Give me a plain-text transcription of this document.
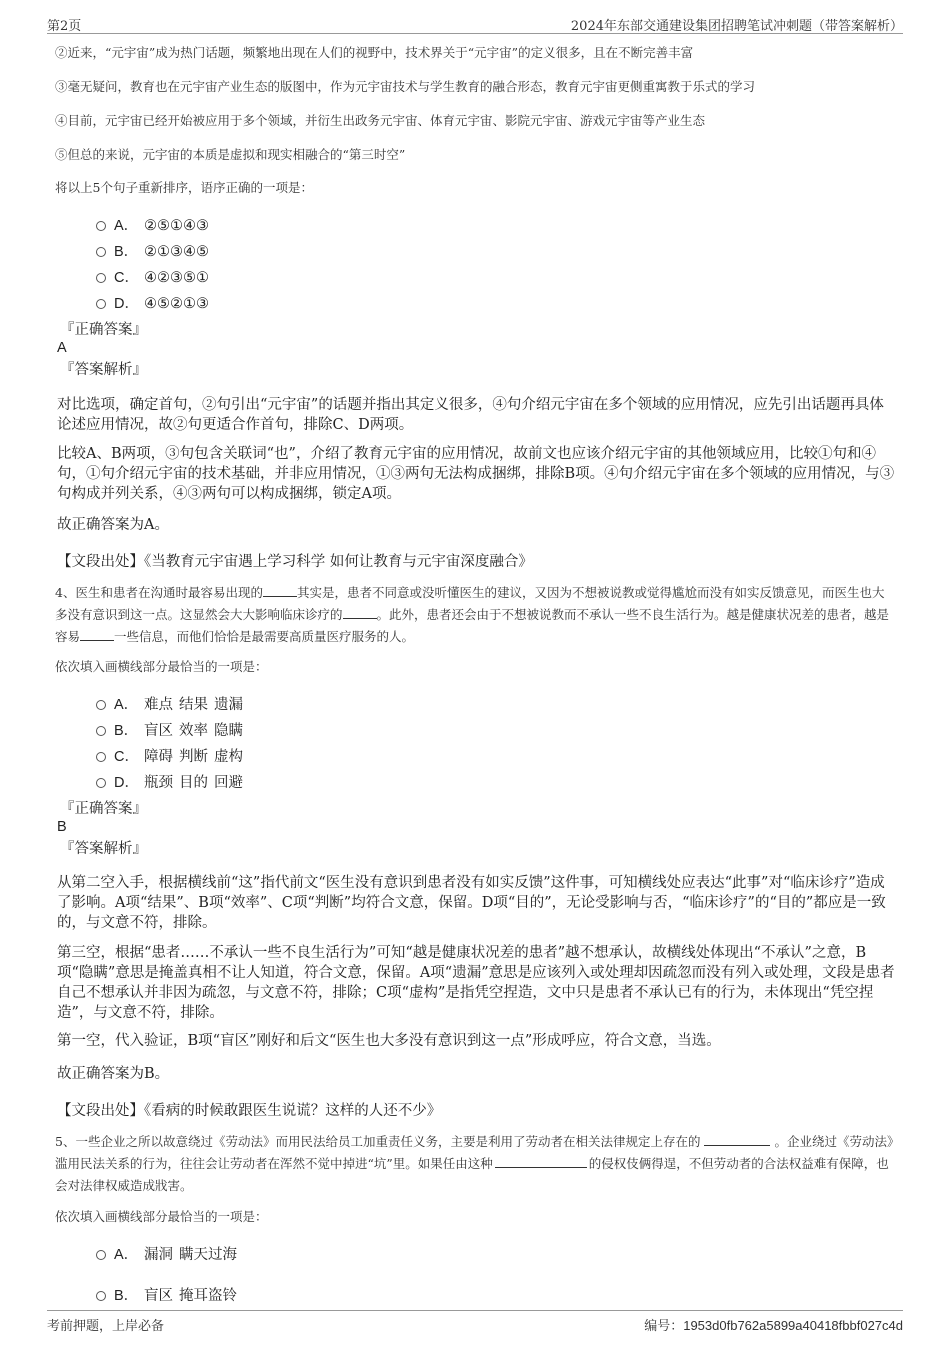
第2页	2024年东部交通建设集团招聘笔试冲刺题（带答案解析）

②近来，“元宇宙”成为热门话题，频繁地出现在人们的视野中，技术界关于“元宇宙”的定义很多，且在不断完善丰富

③毫无疑问，教育也在元宇宙产业生态的版图中，作为元宇宙技术与学生教育的融合形态，教育元宇宙更侧重寓教于乐式的学习

④目前，元宇宙已经开始被应用于多个领域，并衍生出政务元宇宙、体育元宇宙、影院元宇宙、游戏元宇宙等产业生态

⑤但总的来说，元宇宙的本质是虚拟和现实相融合的“第三时空”

将以上5个句子重新排序，语序正确的一项是：

A． ②⑤①④③
B． ②①③④⑤
C． ④②③⑤①
D． ④⑤②①③
『正确答案』
A
『答案解析』

对比选项，确定首句，②句引出“元宇宙”的话题并指出其定义很多，④句介绍元宇宙在多个领域的应用情况，应先引出话题再具体论述应用情况，故②句更适合作首句，排除C、D两项。

比较A、B两项，③句包含关联词“也”，介绍了教育元宇宙的应用情况，故前文也应该介绍元宇宙的其他领域应用，比较①句和④句，①句介绍元宇宙的技术基础，并非应用情况，①③两句无法构成捆绑，排除B项。④句介绍元宇宙在多个领域的应用情况，与③句构成并列关系，④③两句可以构成捆绑，锁定A项。

故正确答案为A。

【文段出处】《当教育元宇宙遇上学习科学 如何让教育与元宇宙深度融合》

4、医生和患者在沟通时最容易出现的	其实是，患者不同意或没听懂医生的建议，又因为不想被说教或觉得尴尬而没有如实反馈意见，而医生也大多没有意识到这一点。这显然会大大影响临床诊疗的	。此外，患者还会由于不想被说教而不承认一些不良生活行为。越是健康状况差的患者，越是容易	一些信息，而他们恰恰是最需要高质量医疗服务的人。

依次填入画横线部分最恰当的一项是：

A． 难点 结果 遗漏
B． 盲区 效率 隐瞒
C． 障碍 判断 虚构
D． 瓶颈 目的 回避
『正确答案』
B
『答案解析』

从第二空入手，根据横线前“这”指代前文“医生没有意识到患者没有如实反馈”这件事，可知横线处应表达“此事”对“临床诊疗”造成了影响。A项“结果”、B项“效率”、C项“判断”均符合文意，保留。D项“目的”，无论受影响与否，“临床诊疗”的“目的”都应是一致的，与文意不符，排除。

第三空，根据“患者……不承认一些不良生活行为”可知“越是健康状况差的患者”越不想承认，故横线处体现出“不承认”之意，B项“隐瞒”意思是掩盖真相不让人知道，符合文意，保留。A项“遗漏”意思是应该列入或处理却因疏忽而没有列入或处理，文段是患者自己不想承认并非因为疏忽，与文意不符，排除；C项“虚构”是指凭空捏造，文中只是患者不承认已有的行为，未体现出“凭空捏造”，与文意不符，排除。

第一空，代入验证，B项“盲区”刚好和后文“医生也大多没有意识到这一点”形成呼应，符合文意，当选。

故正确答案为B。

【文段出处】《看病的时候敢跟医生说谎？这样的人还不少》

5、一些企业之所以故意绕过《劳动法》而用民法给员工加重责任义务，主要是利用了劳动者在相关法律规定上存在的	。企业绕过《劳动法》滥用民法关系的行为，往往会让劳动者在浑然不觉中掉进“坑”里。如果任由这种	的侵权伎俩得逞，不但劳动者的合法权益难有保障，也会对法律权威造成戕害。

依次填入画横线部分最恰当的一项是：

A． 漏洞 瞒天过海
B． 盲区 掩耳盗铃
考前押题，上岸必备	编号：1953d0fb762a5899a40418fbbf027c4d
